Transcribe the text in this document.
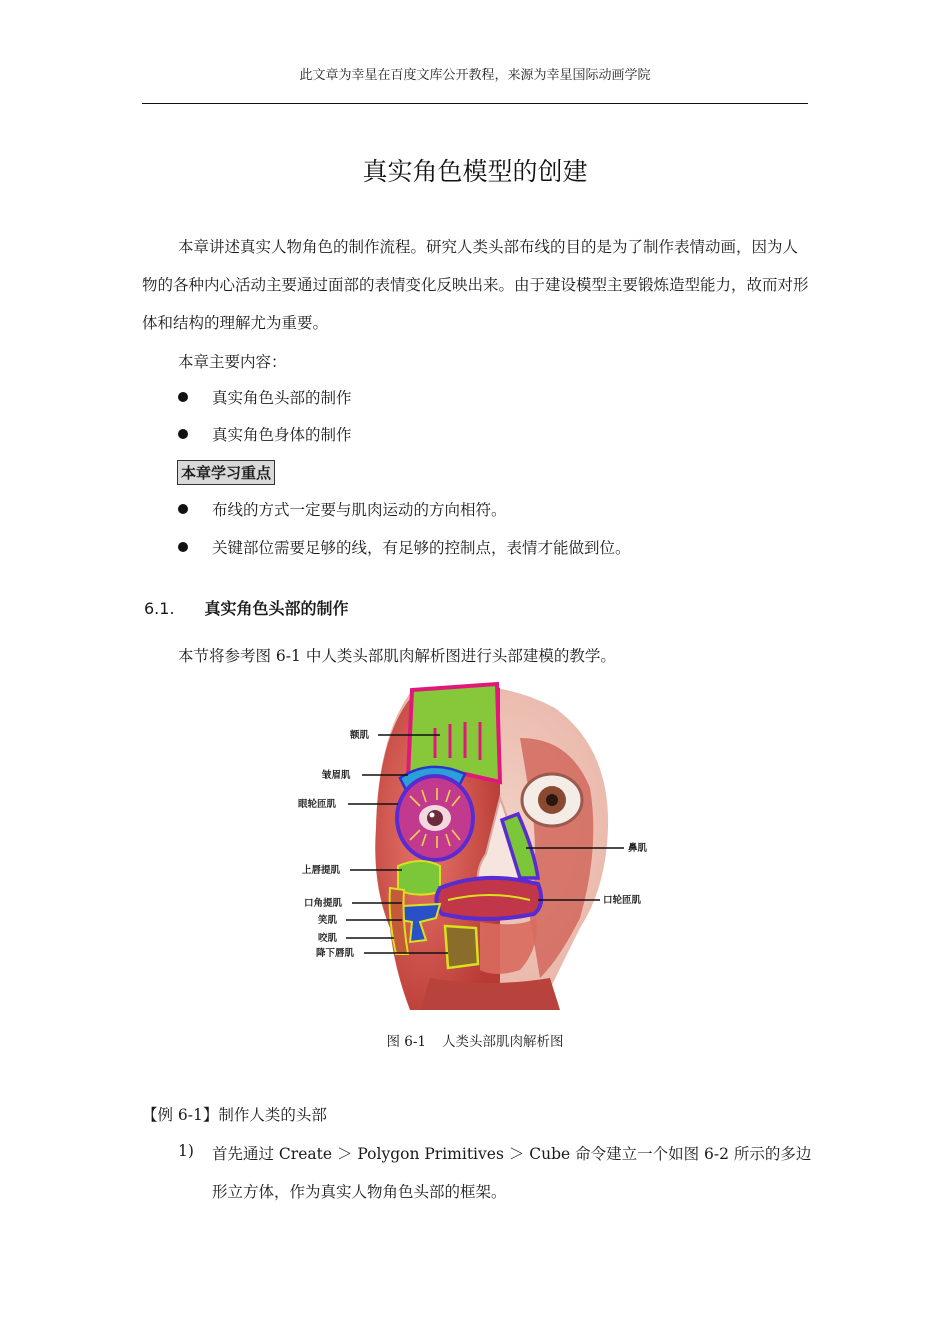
此文章为幸星在百度文库公开教程，来源为幸星国际动画学院
真实角色模型的创建
本章讲述真实人物角色的制作流程。研究人类头部布线的目的是为了制作表情动画，因为人物的各种内心活动主要通过面部的表情变化反映出来。由于建设模型主要锻炼造型能力，故而对形体和结构的理解尤为重要。
本章主要内容：
真实角色头部的制作
真实角色身体的制作
本章学习重点
布线的方式一定要与肌肉运动的方向相符。
关键部位需要足够的线，有足够的控制点，表情才能做到位。
6.1. 真实角色头部的制作
本节将参考图 6-1 中人类头部肌肉解析图进行头部建模的教学。
额肌
皱眉肌
眼轮匝肌
上唇提肌
口角提肌
笑肌
咬肌
降下唇肌
鼻肌
口轮匝肌
图 6-1 人类头部肌肉解析图
【例 6-1】制作人类的头部
1) 首先通过 Create ＞ Polygon Primitives ＞ Cube 命令建立一个如图 6-2 所示的多边
形立方体，作为真实人物角色头部的框架。
